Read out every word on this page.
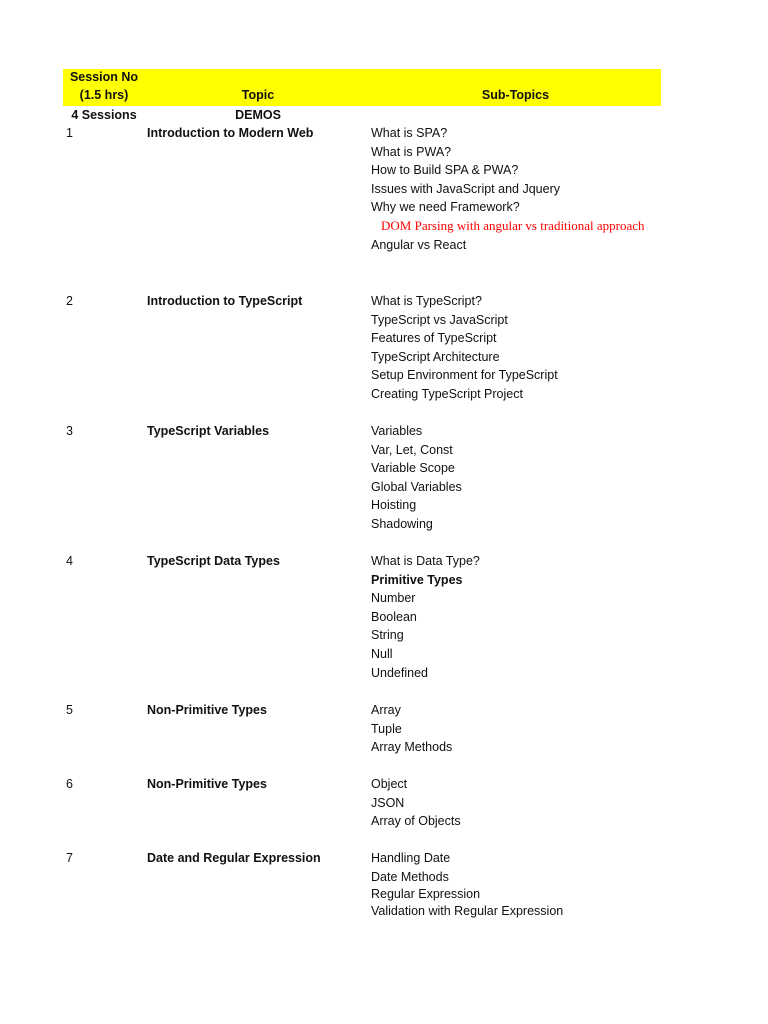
Session No
(1.5 hrs)	Topic	Sub-Topics
4 Sessions	DEMOS
1	Introduction to Modern Web	What is SPA?
What is PWA?
How to Build SPA & PWA?
Issues with JavaScript and Jquery
Why we need Framework?
DOM Parsing with angular vs traditional approach
Angular vs React
2	Introduction to TypeScript	What is TypeScript?
TypeScript vs JavaScript
Features of TypeScript
TypeScript Architecture
Setup Environment for TypeScript
Creating TypeScript Project
3	TypeScript Variables	Variables
Var, Let, Const
Variable Scope
Global Variables
Hoisting
Shadowing
4	TypeScript Data Types	What is Data Type?
Primitive Types
Number
Boolean
String
Null
Undefined
5	Non-Primitive Types	Array
Tuple
Array Methods
6	Non-Primitive Types	Object
JSON
Array of Objects
7	Date and Regular Expression	Handling Date
Date Methods
Regular Expression
Validation with Regular Expression
